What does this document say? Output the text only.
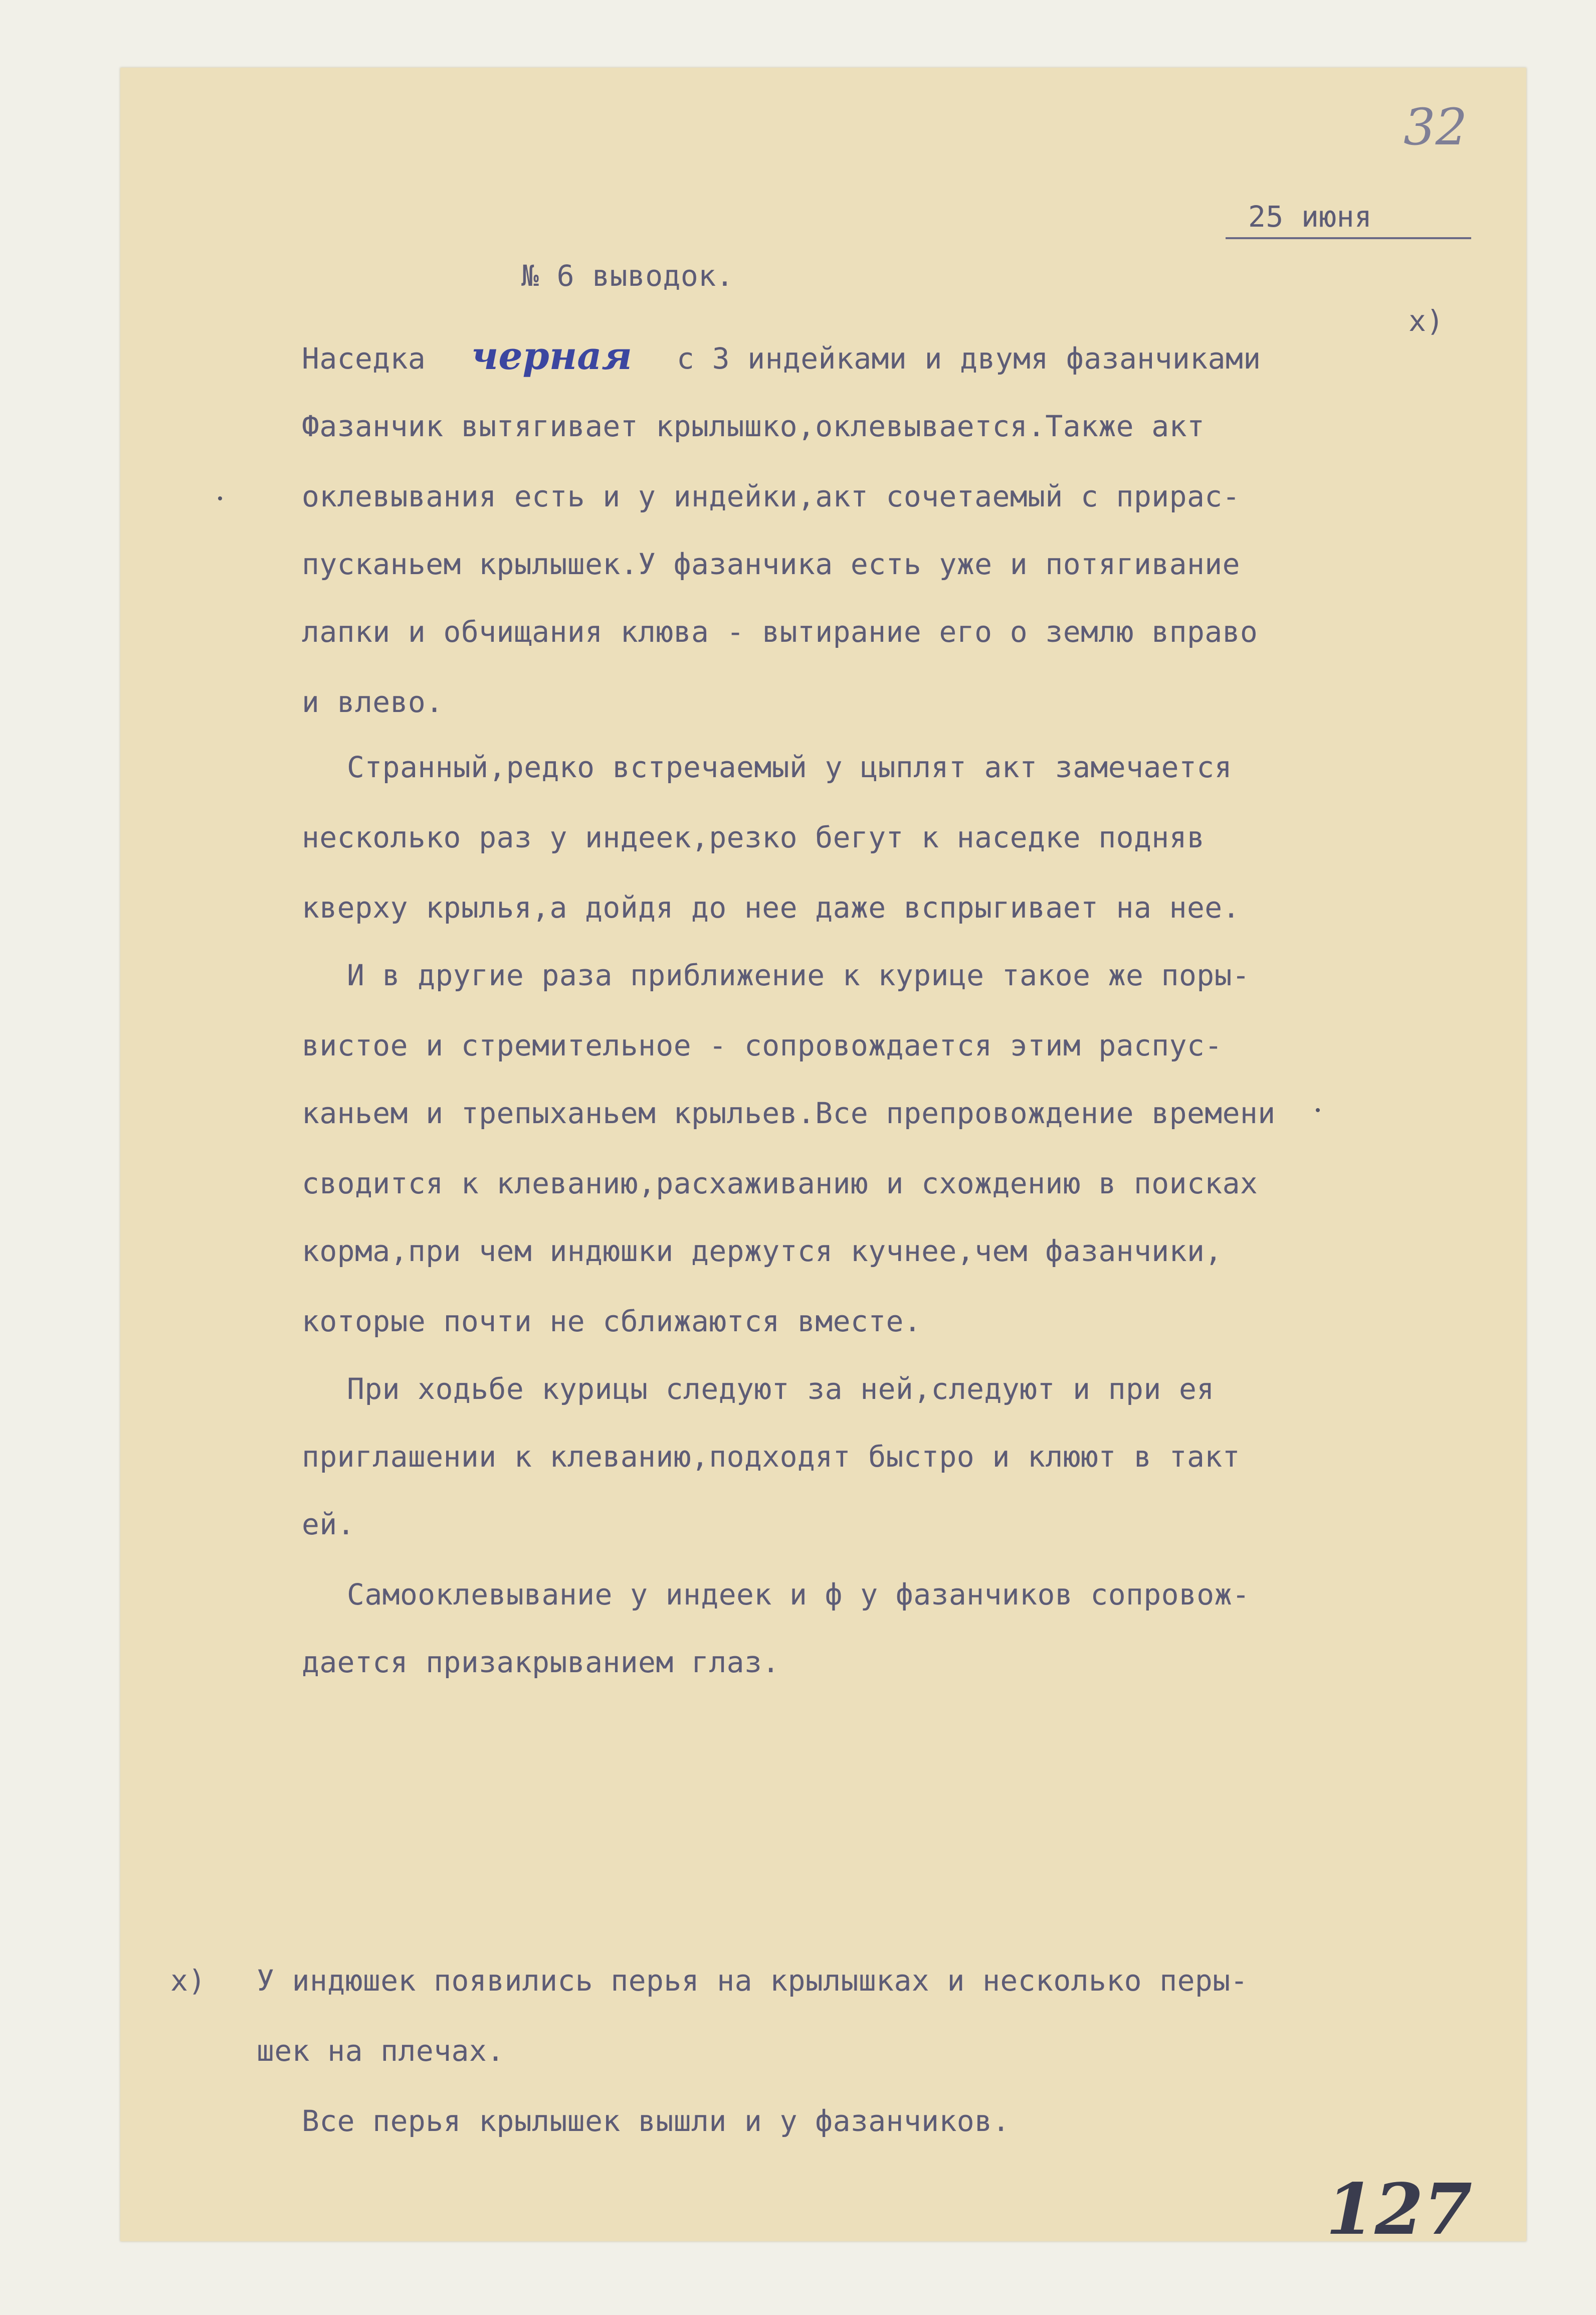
32

25 июня

№ 6 выводок.

x)

Наседка черная с 3 индейками и двумя фазанчиками

Фазанчик вытягивает крылышко,оклевывается.Также акт

оклевывания есть и у индейки,акт сочетаемый с прирас-

пусканьем крылышек.У фазанчика есть уже и потягивание

лапки и обчищания клюва - вытирание его о землю вправо

и влево.

Странный,редко встречаемый у цыплят акт замечается

несколько раз у индеек,резко бегут к наседке подняв

кверху крылья,а дойдя до нее даже вспрыгивает на нее.

И в другие раза приближение к курице такое же поры-

вистое и стремительное - сопровождается этим распус-

каньем и трепыханьем крыльев.Все препровождение времени

сводится к клеванию,расхаживанию и схождению в поисках

корма,при чем индюшки держутся кучнее,чем фазанчики,

которые почти не сближаются вместе.

При ходьбе курицы следуют за ней,следуют и при ея

приглашении к клеванию,подходят быстро и клюют в такт

ей.

Самооклевывание у индеек и ф у фазанчиков сопровож-

дается призакрыванием глаз.

x) У индюшек появились перья на крылышках и несколько перы-

шек на плечах.

Все перья крылышек вышли и у фазанчиков.

127
